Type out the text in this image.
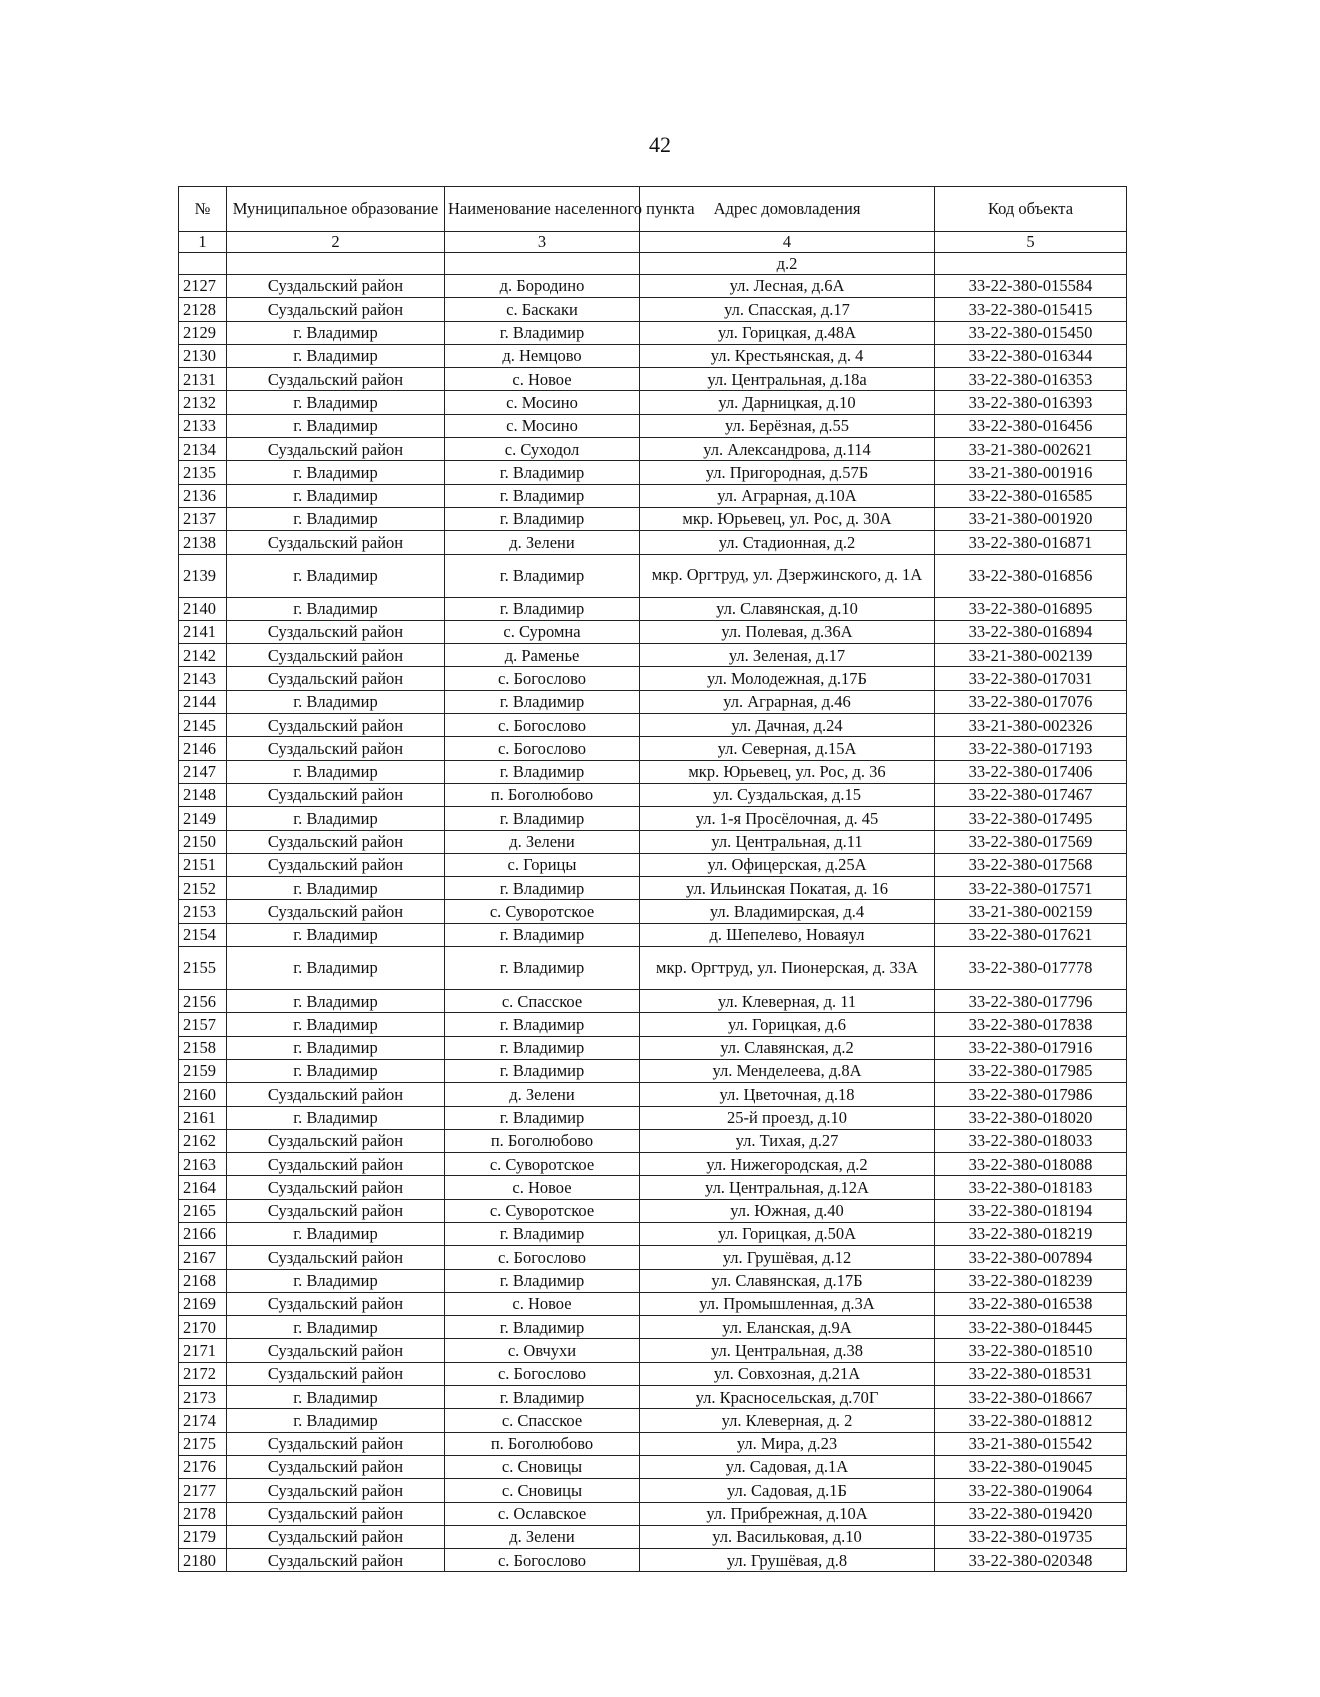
42
№	Муниципальное образование	Наименование населенного пункта	Адрес домовладения	Код объекта
1	2	3	4	5
			д.2	
2127	Суздальский район	д. Бородино	ул. Лесная, д.6А	33-22-380-015584
2128	Суздальский район	с. Баскаки	ул. Спасская, д.17	33-22-380-015415
2129	г. Владимир	г. Владимир	ул. Горицкая, д.48А	33-22-380-015450
2130	г. Владимир	д. Немцово	ул. Крестьянская, д. 4	33-22-380-016344
2131	Суздальский район	с. Новое	ул. Центральная, д.18а	33-22-380-016353
2132	г. Владимир	с. Мосино	ул. Дарницкая, д.10	33-22-380-016393
2133	г. Владимир	с. Мосино	ул. Берёзная, д.55	33-22-380-016456
2134	Суздальский район	с. Суходол	ул. Александрова, д.114	33-21-380-002621
2135	г. Владимир	г. Владимир	ул. Пригородная, д.57Б	33-21-380-001916
2136	г. Владимир	г. Владимир	ул. Аграрная, д.10А	33-22-380-016585
2137	г. Владимир	г. Владимир	мкр. Юрьевец, ул. Рос, д. 30А	33-21-380-001920
2138	Суздальский район	д. Зелени	ул. Стадионная, д.2	33-22-380-016871
2139	г. Владимир	г. Владимир	мкр. Оргтруд, ул. Дзержинского, д. 1А	33-22-380-016856
2140	г. Владимир	г. Владимир	ул. Славянская, д.10	33-22-380-016895
2141	Суздальский район	с. Суромна	ул. Полевая, д.36А	33-22-380-016894
2142	Суздальский район	д. Раменье	ул. Зеленая, д.17	33-21-380-002139
2143	Суздальский район	с. Богослово	ул. Молодежная, д.17Б	33-22-380-017031
2144	г. Владимир	г. Владимир	ул. Аграрная, д.46	33-22-380-017076
2145	Суздальский район	с. Богослово	ул. Дачная, д.24	33-21-380-002326
2146	Суздальский район	с. Богослово	ул. Северная, д.15А	33-22-380-017193
2147	г. Владимир	г. Владимир	мкр. Юрьевец, ул. Рос, д. 36	33-22-380-017406
2148	Суздальский район	п. Боголюбово	ул. Суздальская, д.15	33-22-380-017467
2149	г. Владимир	г. Владимир	ул. 1-я Просёлочная, д. 45	33-22-380-017495
2150	Суздальский район	д. Зелени	ул. Центральная, д.11	33-22-380-017569
2151	Суздальский район	с. Горицы	ул. Офицерская, д.25А	33-22-380-017568
2152	г. Владимир	г. Владимир	ул. Ильинская Покатая, д. 16	33-22-380-017571
2153	Суздальский район	с. Суворотское	ул. Владимирская, д.4	33-21-380-002159
2154	г. Владимир	г. Владимир	д. Шепелево, Новаяул	33-22-380-017621
2155	г. Владимир	г. Владимир	мкр. Оргтруд, ул. Пионерская, д. 33А	33-22-380-017778
2156	г. Владимир	с. Спасское	ул. Клеверная, д. 11	33-22-380-017796
2157	г. Владимир	г. Владимир	ул. Горицкая, д.6	33-22-380-017838
2158	г. Владимир	г. Владимир	ул. Славянская, д.2	33-22-380-017916
2159	г. Владимир	г. Владимир	ул. Менделеева, д.8А	33-22-380-017985
2160	Суздальский район	д. Зелени	ул. Цветочная, д.18	33-22-380-017986
2161	г. Владимир	г. Владимир	25-й проезд, д.10	33-22-380-018020
2162	Суздальский район	п. Боголюбово	ул. Тихая, д.27	33-22-380-018033
2163	Суздальский район	с. Суворотское	ул. Нижегородская, д.2	33-22-380-018088
2164	Суздальский район	с. Новое	ул. Центральная, д.12А	33-22-380-018183
2165	Суздальский район	с. Суворотское	ул. Южная, д.40	33-22-380-018194
2166	г. Владимир	г. Владимир	ул. Горицкая, д.50А	33-22-380-018219
2167	Суздальский район	с. Богослово	ул. Грушёвая, д.12	33-22-380-007894
2168	г. Владимир	г. Владимир	ул. Славянская, д.17Б	33-22-380-018239
2169	Суздальский район	с. Новое	ул. Промышленная, д.3А	33-22-380-016538
2170	г. Владимир	г. Владимир	ул. Еланская, д.9А	33-22-380-018445
2171	Суздальский район	с. Овчухи	ул. Центральная, д.38	33-22-380-018510
2172	Суздальский район	с. Богослово	ул. Совхозная, д.21А	33-22-380-018531
2173	г. Владимир	г. Владимир	ул. Красносельская, д.70Г	33-22-380-018667
2174	г. Владимир	с. Спасское	ул. Клеверная, д. 2	33-22-380-018812
2175	Суздальский район	п. Боголюбово	ул. Мира, д.23	33-21-380-015542
2176	Суздальский район	с. Сновицы	ул. Садовая, д.1А	33-22-380-019045
2177	Суздальский район	с. Сновицы	ул. Садовая, д.1Б	33-22-380-019064
2178	Суздальский район	с. Ославское	ул. Прибрежная, д.10А	33-22-380-019420
2179	Суздальский район	д. Зелени	ул. Васильковая, д.10	33-22-380-019735
2180	Суздальский район	с. Богослово	ул. Грушёвая, д.8	33-22-380-020348
